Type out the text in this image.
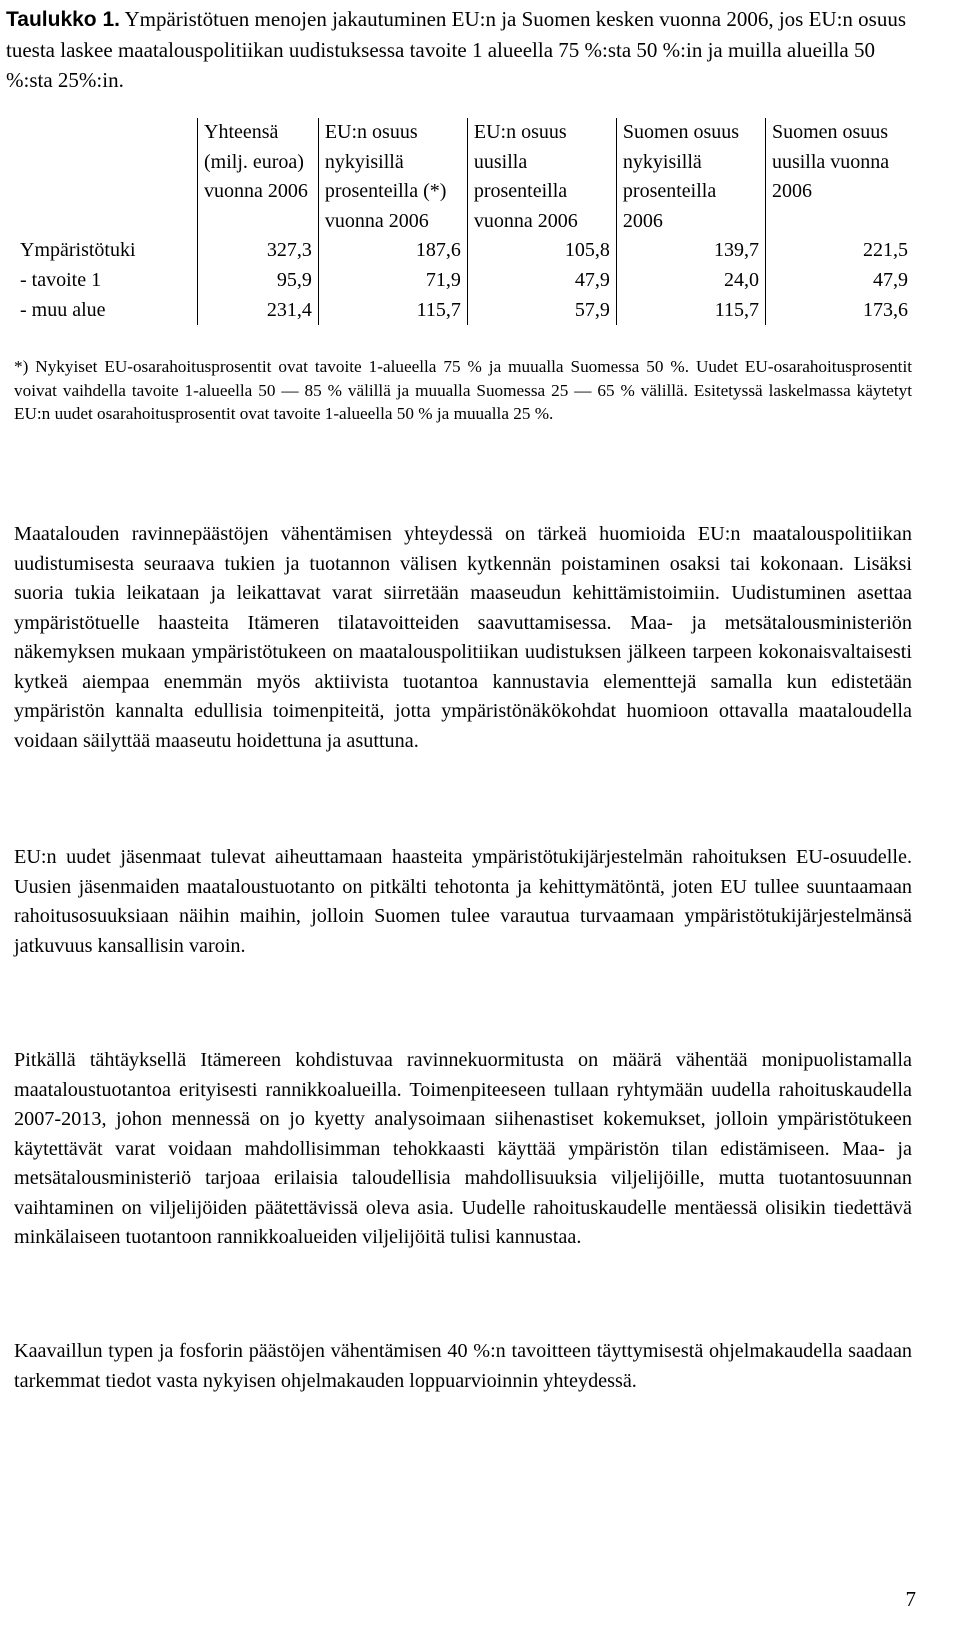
Taulukko 1. Ympäristötuen menojen jakautuminen EU:n ja Suomen kesken vuonna 2006, jos EU:n osuus tuesta laskee maatalouspolitiikan uudistuksessa tavoite 1 alueella 75 %:sta 50 %:in ja muilla alueilla 50 %:sta 25%:in.
	Yhteensä (milj. euroa) vuonna 2006	EU:n osuus nykyisillä prosenteilla (*) vuonna 2006	EU:n osuus uusilla prosenteilla vuonna 2006	Suomen osuus nykyisillä prosenteilla 2006	Suomen osuus uusilla vuonna 2006
Ympäristötuki	327,3	187,6	105,8	139,7	221,5
- tavoite 1	95,9	71,9	47,9	24,0	47,9
- muu alue	231,4	115,7	57,9	115,7	173,6
*) Nykyiset EU-osarahoitusprosentit ovat tavoite 1-alueella 75 % ja muualla Suomessa 50 %. Uudet EU-osarahoitusprosentit voivat vaihdella tavoite 1-alueella 50 — 85 % välillä ja muualla Suomessa 25 — 65 % välillä. Esitetyssä laskelmassa käytetyt EU:n uudet osarahoitusprosentit ovat tavoite 1-alueella 50 % ja muualla 25 %.

Maatalouden ravinnepäästöjen vähentämisen yhteydessä on tärkeä huomioida EU:n maatalouspolitiikan uudistumisesta seuraava tukien ja tuotannon välisen kytkennän poistaminen osaksi tai kokonaan. Lisäksi suoria tukia leikataan ja leikattavat varat siirretään maaseudun kehittämistoimiin. Uudistuminen asettaa ympäristötuelle haasteita Itämeren tilatavoitteiden saavuttamisessa. Maa- ja metsätalousministeriön näkemyksen mukaan ympäristötukeen on maatalouspolitiikan uudistuksen jälkeen tarpeen kokonaisvaltaisesti kytkeä aiempaa enemmän myös aktiivista tuotantoa kannustavia elementtejä samalla kun edistetään ympäristön kannalta edullisia toimenpiteitä, jotta ympäristönäkökohdat huomioon ottavalla maataloudella voidaan säilyttää maaseutu hoidettuna ja asuttuna.

EU:n uudet jäsenmaat tulevat aiheuttamaan haasteita ympäristötukijärjestelmän rahoituksen EU-osuudelle. Uusien jäsenmaiden maataloustuotanto on pitkälti tehotonta ja kehittymätöntä, joten EU tullee suuntaamaan rahoitusosuuksiaan näihin maihin, jolloin Suomen tulee varautua turvaamaan ympäristötukijärjestelmänsä jatkuvuus kansallisin varoin.

Pitkällä tähtäyksellä Itämereen kohdistuvaa ravinnekuormitusta on määrä vähentää monipuolistamalla maataloustuotantoa erityisesti rannikkoalueilla. Toimenpiteeseen tullaan ryhtymään uudella rahoituskaudella 2007-2013, johon mennessä on jo kyetty analysoimaan siihenastiset kokemukset, jolloin ympäristötukeen käytettävät varat voidaan mahdollisimman tehokkaasti käyttää ympäristön tilan edistämiseen. Maa- ja metsätalousministeriö tarjoaa erilaisia taloudellisia mahdollisuuksia viljelijöille, mutta tuotantosuunnan vaihtaminen on viljelijöiden päätettävissä oleva asia. Uudelle rahoituskaudelle mentäessä olisikin tiedettävä minkälaiseen tuotantoon rannikkoalueiden viljelijöitä tulisi kannustaa.

Kaavaillun typen ja fosforin päästöjen vähentämisen 40 %:n tavoitteen täyttymisestä ohjelmakaudella saadaan tarkemmat tiedot vasta nykyisen ohjelmakauden loppuarvioinnin yhteydessä.

7
